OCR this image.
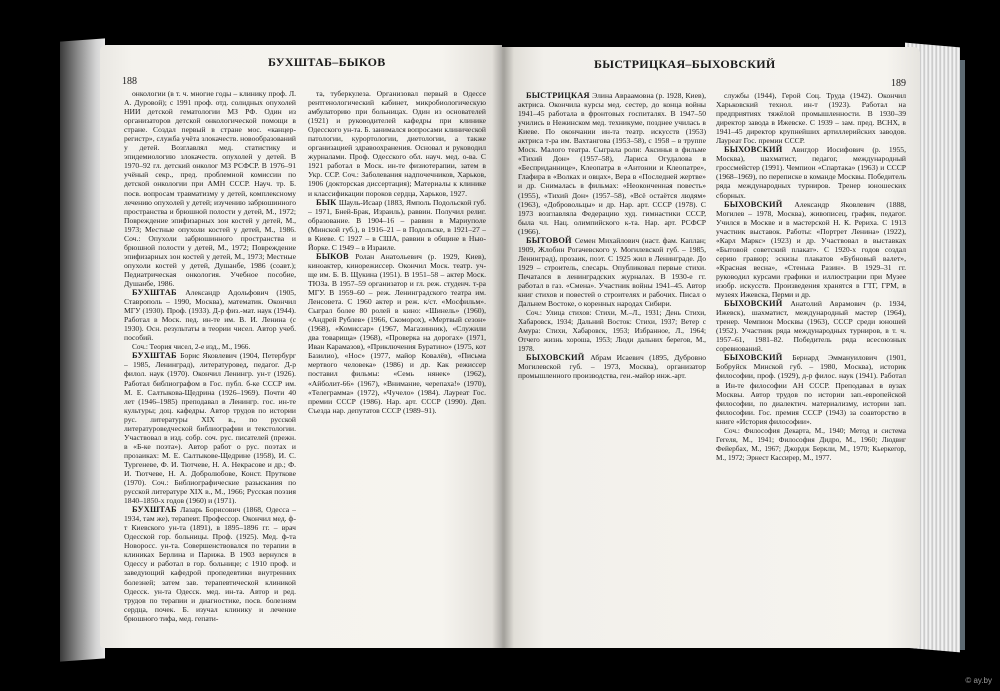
188
БУХШТАБ–БЫКОВ

онкологии (в т. ч. многие годы – клинику проф. Л. А. Дуровой); с 1991 проф. отд. солидных опухолей НИИ детской гематологии МЗ РФ. Один из организаторов детской онкологической помощи в стране. Создал первый в стране мос. «канцер-регистр», служба учёта злокачеств. новообразований у детей. Возглавлял мед. статистику и эпидемиологию злокачеств. опухолей у детей. В 1970–92 гл. детский онколог МЗ РСФСР. В 1976–91 учёный секр., пред. проблемной комиссии по детской онкологии при АМН СССР. Науч. тр. Б. посв. вопросам травматизму у детей, комплексному лечению опухолей у детей; изучению забрюшинного пространства и брюшной полости у детей, М., 1972; Повреждение эпифизарных зон костей у детей, М., 1973; Местные опухоли костей у детей, М., 1986. Соч.: Опухоли забрюшинного пространства и брюшной полости у детей, М., 1972; Повреждение эпифизарных зон костей у детей, М., 1973; Местные опухоли костей у детей, Душанбе, 1986 (соавт.); Педиатрическая онкология. Учебное пособие, Душанбе, 1986.

БУХШТАБ Александр Адольфович (1905, Ставрополь – 1990, Москва), математик. Окончил МГУ (1930). Проф. (1933). Д-р физ.-мат. наук (1944). Работал в Моск. пед. ин-те им. В. И. Ленина (с 1930). Осн. результаты в теории чисел. Автор учеб. пособий.
Соч.: Теория чисел, 2-е изд., М., 1966.

БУХШТАБ Борис Яковлевич (1904, Петербург – 1985, Ленинград), литературовед, педагог. Д-р филол. наук (1970). Окончил Ленингр. ун-т (1926). Работал библиографом в Гос. публ. б-ке СССР им. М. Е. Салтыкова-Щедрина (1926–1969). Почти 40 лет (1946–1985) преподавал в Ленингр. гос. ин-те культуры; доц. кафедры. Автор трудов по истории рус. литературы XIX в., по русской литературоведческой библиографии и текстологии. Участвовал в изд. собр. соч. рус. писателей (прежн. в «Б-ке поэта»). Автор работ о рус. поэтах и прозаиках: М. Е. Салтыкове-Щедрине (1958), И. С. Тургеневе, Ф. И. Тютчеве, Н. А. Некрасове и др.; Ф. И. Тютчеве, Н. А. Добролюбове, Конст. Прутковe (1970). Соч.: Библиографические разыскания по русской литературе XIX в., М., 1966; Русская поэзия 1840–1850-х годов (1960) и (1971).

БУХШТАБ Лазарь Борисович (1868, Одесса – 1934, там же), терапевт. Профессор. Окончил мед. ф-т Киевского ун-та (1891), в 1895–1896 гг. – врач Одесской гор. больницы. Проф. (1925). Мед. ф-та Новоросс. ун-та. Совершенствовался по терапии в клиниках Берлина и Парижа. В 1903 вернулся в Одессу и работал в гор. больнице; с 1910 проф. и заведующий кафедрой пропедевтики внутренних болезней; затем зав. терапевтической клиникой Одесск. ун-та Одесск. мед. ин-та. Автор и ред. трудов по терапии и диагностике, посв. болезням сердца, почек. Б. изучал клинику и лечение брюшного тифа, мед. гепати-

та, туберкулеза. Организовал первый в Одессе рентгенологический кабинет, микробиологическую амбулаторию при больницах. Один из основателей (1921) и руководителей кафедры при клинике Одесского ун-та. Б. занимался вопросами клинической патологии, курортологии, диетологии, а также организацией здравоохранения. Основал и руководил журналами. Проф. Одесского обл. науч. мед. о-ва. С 1921 работал в Моск. ин-те физиотерапии, затем в Укр. ССР. Соч.: Заболевания надпочечников, Харьков, 1906 (докторская диссертация); Материалы к клинике и классификации пороков сердца, Харьков, 1927.

БЫК Шауль-Исаар (1883, Ямполь Подольской губ. – 1971, Бней-Брак, Израиль), раввин. Получил религ. образование. В 1904–16 – раввин в Мариуполе (Минской губ.), в 1916–21 – в Подольске, в 1921–27 – в Киеве. С 1927 – в США, раввин в общине в Нью-Йорке. С 1949 – в Израиле.

БЫКОВ Ролан Анатольевич (р. 1929, Киев), киноактер, кинорежиссер. Окончил Моск. театр. уч-ще им. Б. В. Щукина (1951). В 1951–58 – актер Моск. ТЮЗа. В 1957–59 организатор и гл. реж. студенч. т-ра МГУ. В 1959–60 – реж. Ленинградского театра им. Ленсовета. С 1960 актер и реж. к/ст. «Мосфильм». Сыграл более 80 ролей в кино: «Шинель» (1960), «Андрей Рублев» (1966, Скоморох), «Мертвый сезон» (1968), «Комиссар» (1967, Магазинник), «Служили два товарища» (1968), «Проверка на дорогах» (1971, Иван Карамазов), «Приключения Буратино» (1975, кот Базилио), «Нос» (1977, майор Ковалёв), «Письма мертвого человека» (1986) и др. Как режиссер поставил фильмы: «Семь нянек» (1962), «Айболит-66» (1967), «Внимание, черепаха!» (1970), «Телеграмма» (1972), «Чучело» (1984). Лауреат Гос. премии СССР (1986). Нар. арт. СССР (1990). Деп. Съезда нар. депутатов СССР (1989–91).

БЫСТРИЦКАЯ–БЫХОВСКИЙ
189

БЫСТРИЦКАЯ Элина Авраамовна (р. 1928, Киев), актриса. Окончила курсы мед. сестер, до конца войны 1941–45 работала в фронтовых госпиталях. В 1947–50 учились в Нежинском мед. техникуме, позднее училась в Киеве. По окончании ин-та театр. искусств (1953) актриса т-ра им. Вахтангова (1953–58), с 1958 – в труппе Моск. Малого театра. Сыграла роли: Аксинья в фильме «Тихий Дон» (1957–58), Лариса Огудалова в «Бесприданнице», Клеопатра в «Антонии и Клеопатре», Глафира в «Волках и овцах», Вера в «Последней жертве» и др. Снималась в фильмах: «Неоконченная повесть» (1955), «Тихий Дон» (1957–58), «Всё остаётся людям» (1963), «Добровольцы» и др. Нар. арт. СССР (1978). С 1973 возглавляла Федерацию худ. гимнастики СССР, была чл. Нац. олимпийского к-та. Нар. арт. РСФСР (1966).

БЫТОВОЙ Семен Михайлович (наст. фам. Каплан; 1909, Жлобин Рогачевского у. Могилевской губ. – 1985, Ленинград), прозаик, поэт. С 1925 жил в Ленинграде. До 1929 – строитель, слесарь. Опубликовал первые стихи. Печатался в ленинградских журналах. В 1930-е гг. работал в газ. «Смена». Участник войны 1941–45. Автор книг стихов и повестей о строителях и рабочих. Писал о Дальнем Востоке, о коренных народах Сибири.
Соч.: Улица стихов: Стихи, М.–Л., 1931; День Стихи, Хабаровск, 1934; Дальний Восток: Стихи, 1937; Ветер с Амура: Стихи, Хабаровск, 1953; Избранное, Л., 1964; Отчего жизнь хороша, 1953; Люди дальних берегов, М., 1978.

БЫХОВСКИЙ Абрам Исаевич (1895, Дубровно Могилевской губ. – 1973, Москва), организатор промышленного производства, ген.-майор инж.-арт.

службы (1944), Герой Соц. Труда (1942). Окончил Харьковский технол. ин-т (1923). Работал на предприятиях тяжёлой промышленности. В 1930–39 директор завода в Ижевске. С 1939 – зам. пред. ВСНХ, в 1941–45 директор крупнейших артиллерийских заводов. Лауреат Гос. премии СССР.

БЫХОВСКИЙ Авигдор Иосифович (р. 1955, Москва), шахматист, педагог, международный гроссмейстер (1991). Чемпион «Спартака» (1963) и СССР (1968–1969), по переписке в команде Москвы. Победитель ряда международных турниров. Тренер юношеских сборных.

БЫХОВСКИЙ Александр Яковлевич (1888, Могилев – 1978, Москва), живописец, график, педагог. Учился в Москве и в мастерской Н. К. Рериха. С 1913 участник выставок. Работы: «Портрет Ленина» (1922), «Карл Маркс» (1923) и др. Участвовал в выставках «Бытовой советский плакат». С 1920-х годов создал серию гравюр; эскизы плакатов «Бубновый валет», «Красная весна», «Стенька Разин». В 1929–31 гг. руководил курсами графики и иллюстрации при Музее изобр. искусств. Произведения хранятся в ГТГ, ГРМ, в музеях Ижевска, Перми и др.

БЫХОВСКИЙ Анатолий Аврамович (р. 1934, Ижевск), шахматист, международный мастер (1964), тренер. Чемпион Москвы (1963), СССР среди юношей (1952). Участник ряда международных турниров, в т. ч. 1957–61, 1981–82. Победитель ряда всесоюзных соревнований.

БЫХОВСКИЙ Бернард Эммануилович (1901, Бобруйск Минской губ. – 1980, Москва), историк философии, проф. (1929), д-р филос. наук (1941). Работал в Ин-те философии АН СССР. Преподавал в вузах Москвы. Автор трудов по истории зап.-европейской философии, по диалектич. материализму, истории зап. философии. Гос. премия СССР (1943) за соавторство в книге «История философии».
Соч.: Философия Декарта, М., 1940; Метод и система Гегеля, М., 1941; Философия Дидро, М., 1960; Людвиг Фейербах, М., 1967; Джордж Беркли, М., 1970; Кьеркегор, М., 1972; Эрнест Кассирер, М., 1977.

© ay.by
